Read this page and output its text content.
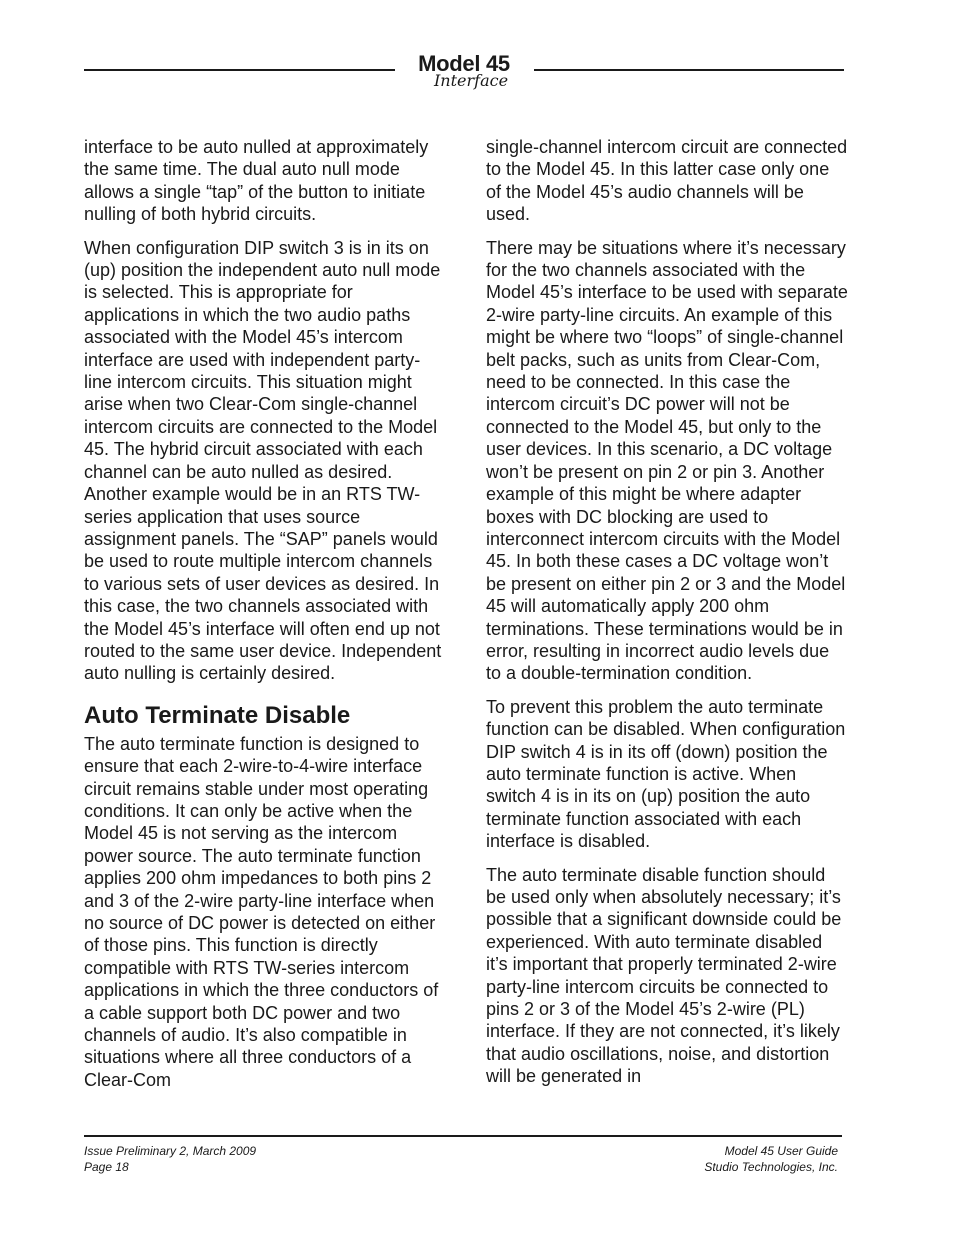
Model 45
Interface

interface to be auto nulled at approximately the same time. The dual auto null mode allows a single “tap” of the button to initiate nulling of both hybrid circuits.

When configuration DIP switch 3 is in its on (up) position the independent auto null mode is selected. This is appropriate for applications in which the two audio paths associated with the Model 45’s intercom interface are used with independent party-line intercom circuits. This situation might arise when two Clear-Com single-channel intercom circuits are connected to the Model 45. The hybrid circuit associated with each channel can be auto nulled as desired. Another example would be in an RTS TW-series application that uses source assignment panels. The “SAP” panels would be used to route multiple intercom channels to various sets of user devices as desired. In this case, the two channels associated with the Model 45’s interface will often end up not routed to the same user device. Independent auto nulling is certainly desired.

Auto Terminate Disable

The auto terminate function is designed to ensure that each 2-wire-to-4-wire interface circuit remains stable under most operating conditions. It can only be active when the Model 45 is not serving as the intercom power source. The auto terminate function applies 200 ohm impedances to both pins 2 and 3 of the 2-wire party-line interface when no source of DC power is detected on either of those pins. This function is directly compatible with RTS TW-series intercom applications in which the three conductors of a cable support both DC power and two channels of audio. It’s also compatible in situations where all three conductors of a Clear-Com

single-channel intercom circuit are connected to the Model 45. In this latter case only one of the Model 45’s audio channels will be used.

There may be situations where it’s necessary for the two channels associated with the Model 45’s interface to be used with separate 2-wire party-line circuits. An example of this might be where two “loops” of single-channel belt packs, such as units from Clear-Com, need to be connected. In this case the intercom circuit’s DC power will not be connected to the Model 45, but only to the user devices. In this scenario, a DC voltage won’t be present on pin 2 or pin 3. Another example of this might be where adapter boxes with DC blocking are used to interconnect intercom circuits with the Model 45. In both these cases a DC voltage won’t be present on either pin 2 or 3 and the Model 45 will automatically apply 200 ohm terminations. These terminations would be in error, resulting in incorrect audio levels due to a double-termination condition.

To prevent this problem the auto terminate function can be disabled. When configuration DIP switch 4 is in its off (down) position the auto terminate function is active. When switch 4 is in its on (up) position the auto terminate function associated with each interface is disabled.

The auto terminate disable function should be used only when absolutely necessary; it’s possible that a significant downside could be experienced. With auto terminate disabled it’s important that properly terminated 2-wire party-line intercom circuits be connected to pins 2 or 3 of the Model 45’s 2-wire (PL) interface. If they are not connected, it’s likely that audio oscillations, noise, and distortion will be generated in

Issue Preliminary 2, March 2009
Page 18
Model 45 User Guide
Studio Technologies, Inc.
